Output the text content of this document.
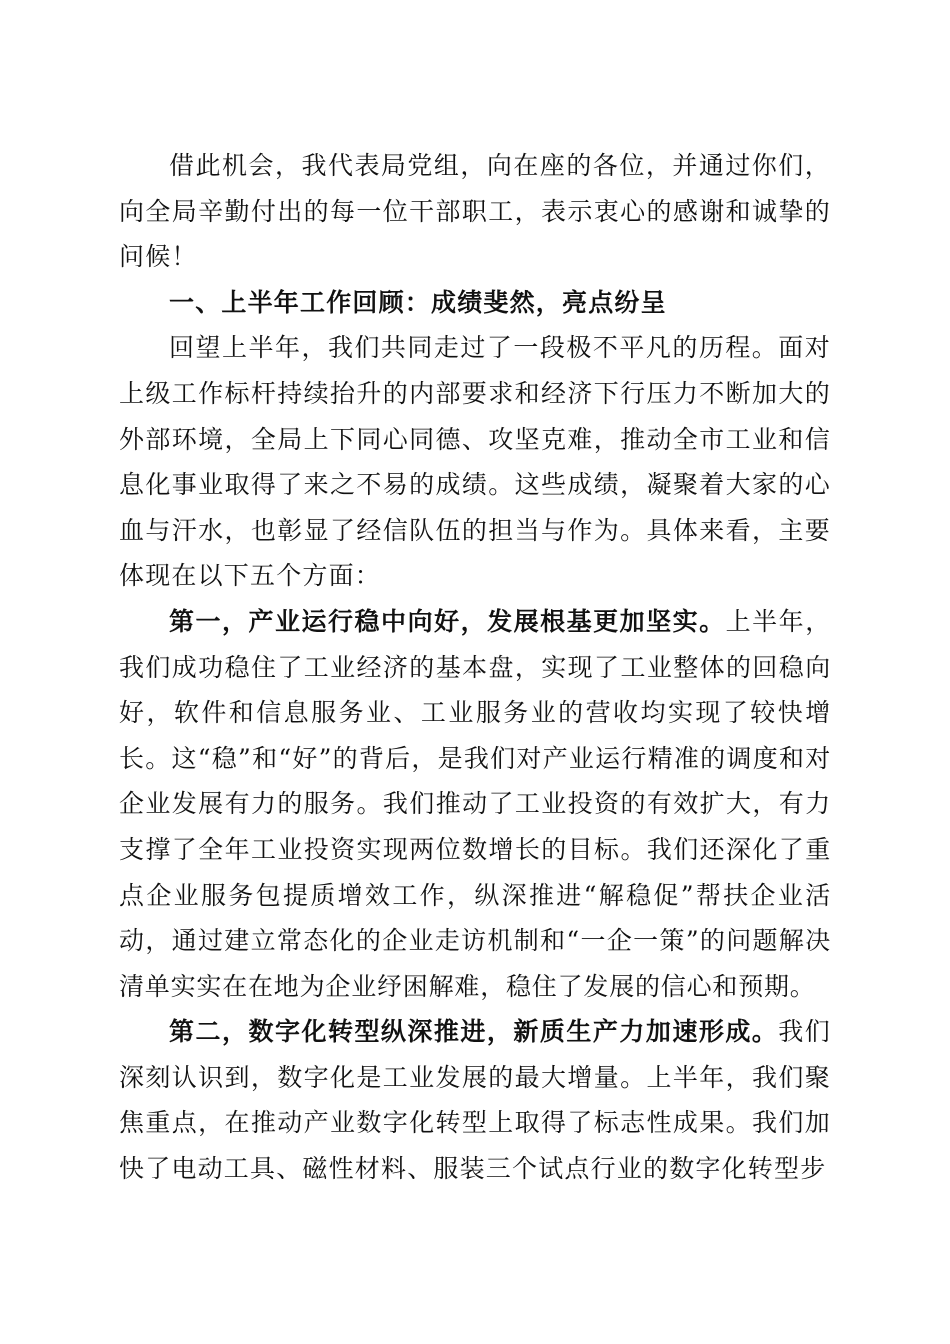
借此机会，我代表局党组，向在座的各位，并通过你们，向全局辛勤付出的每一位干部职工，表示衷心的感谢和诚挚的问候！

一、上半年工作回顾：成绩斐然，亮点纷呈

回望上半年，我们共同走过了一段极不平凡的历程。面对上级工作标杆持续抬升的内部要求和经济下行压力不断加大的外部环境，全局上下同心同德、攻坚克难，推动全市工业和信息化事业取得了来之不易的成绩。这些成绩，凝聚着大家的心血与汗水，也彰显了经信队伍的担当与作为。具体来看，主要体现在以下五个方面：

第一，产业运行稳中向好，发展根基更加坚实。上半年，我们成功稳住了工业经济的基本盘，实现了工业整体的回稳向好，软件和信息服务业、工业服务业的营收均实现了较快增长。这“稳”和“好”的背后，是我们对产业运行精准的调度和对企业发展有力的服务。我们推动了工业投资的有效扩大，有力支撑了全年工业投资实现两位数增长的目标。我们还深化了重点企业服务包提质增效工作，纵深推进“解稳促”帮扶企业活动，通过建立常态化的企业走访机制和“一企一策”的问题解决清单实实在在地为企业纾困解难，稳住了发展的信心和预期。

第二，数字化转型纵深推进，新质生产力加速形成。我们深刻认识到，数字化是工业发展的最大增量。上半年，我们聚焦重点，在推动产业数字化转型上取得了标志性成果。我们加快了电动工具、磁性材料、服装三个试点行业的数字化转型步
